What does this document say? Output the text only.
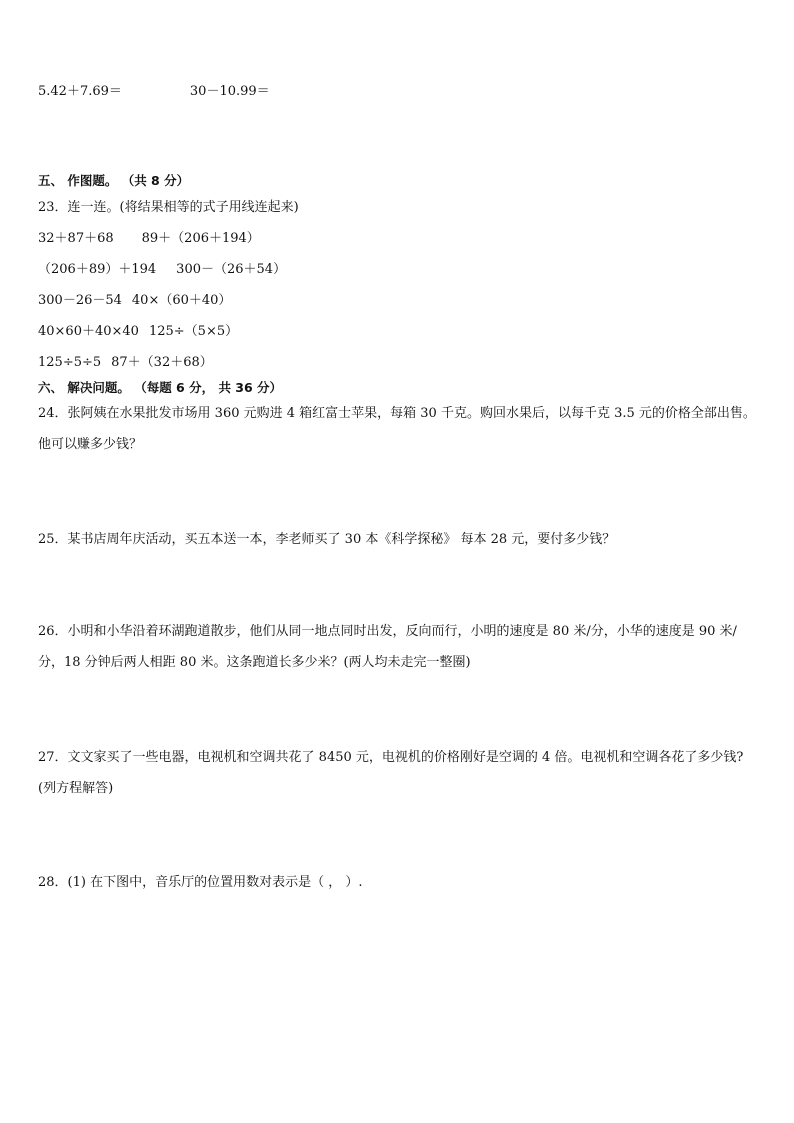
5.42＋7.69＝	30－10.99＝
五、 作图题。 （共 8 分）
23．连一连。(将结果相等的式子用线连起来)
32＋87＋68 89＋（206＋194）
（206＋89）＋194 300－（26＋54）
300－26－54 40×（60＋40）
40×60＋40×40 125÷（5×5）
125÷5÷5 87＋（32＋68）
六、 解决问题。 （每题 6 分， 共 36 分）
24．张阿姨在水果批发市场用 360 元购进 4 箱红富士苹果，每箱 30 千克。购回水果后，以每千克 3.5 元的价格全部出售。他可以赚多少钱？
25．某书店周年庆活动，买五本送一本，李老师买了 30 本《科学探秘》 每本 28 元，要付多少钱？
26．小明和小华沿着环湖跑道散步，他们从同一地点同时出发，反向而行，小明的速度是 80 米/分，小华的速度是 90 米/分，18 分钟后两人相距 80 米。这条跑道长多少米？(两人均未走完一整圈)
27．文文家买了一些电器，电视机和空调共花了 8450 元，电视机的价格刚好是空调的 4 倍。电视机和空调各花了多少钱?(列方程解答)
28．(1) 在下图中，音乐厅的位置用数对表示是（ ， ）.
